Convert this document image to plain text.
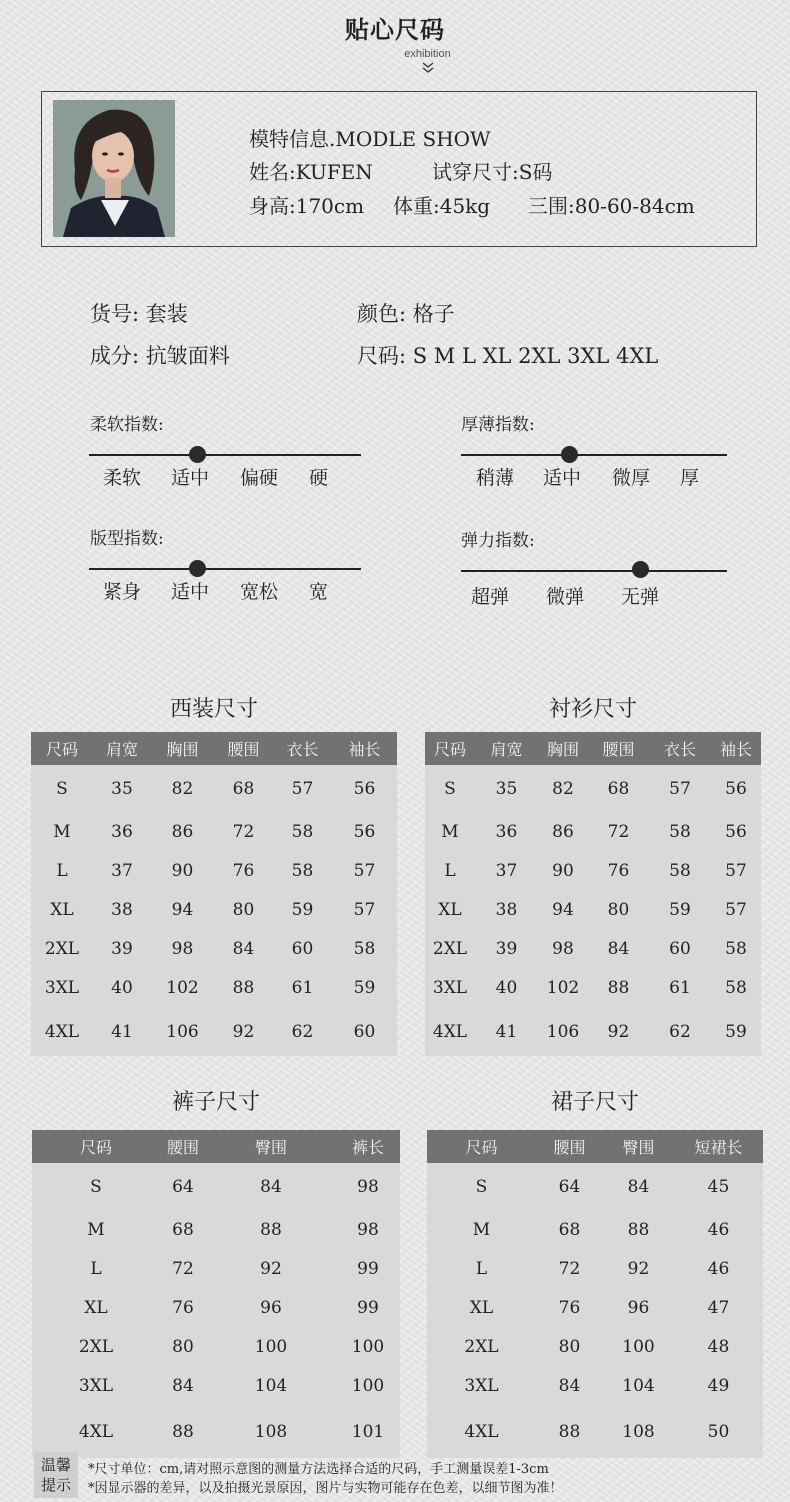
贴心尺码
exhibition
模特信息.MODLE SHOW
姓名:KUFEN	试穿尺寸:S码
身高:170cm 体重:45kg 三围:80-60-84cm
货号: 套装	颜色: 格子
成分: 抗皱面料	尺码: S M L XL 2XL 3XL 4XL
柔软指数:
柔软 适中 偏硬 硬
厚薄指数:
稍薄 适中 微厚 厚
版型指数:
紧身 适中 宽松 宽
弹力指数:
超弹 微弹 无弹
西装尺寸
尺码	肩宽	胸围	腰围	衣长	袖长
S	35	82	68	57	56
M	36	86	72	58	56
L	37	90	76	58	57
XL	38	94	80	59	57
2XL	39	98	84	60	58
3XL	40	102	88	61	59
4XL	41	106	92	62	60
衬衫尺寸
尺码	肩宽	胸围	腰围	衣长	袖长
S	35	82	68	57	56
M	36	86	72	58	56
L	37	90	76	58	57
XL	38	94	80	59	57
2XL	39	98	84	60	58
3XL	40	102	88	61	58
4XL	41	106	92	62	59
裤子尺寸
尺码	腰围	臀围	裤长
S	64	84	98
M	68	88	98
L	72	92	99
XL	76	96	99
2XL	80	100	100
3XL	84	104	100
4XL	88	108	101
裙子尺寸
尺码	腰围	臀围	短裙长
S	64	84	45
M	68	88	46
L	72	92	46
XL	76	96	47
2XL	80	100	48
3XL	84	104	49
4XL	88	108	50
温馨
提示
*尺寸单位：cm,请对照示意图的测量方法选择合适的尺码，手工测量误差1-3cm
*因显示器的差异，以及拍摄光景原因，图片与实物可能存在色差，以细节图为准！
